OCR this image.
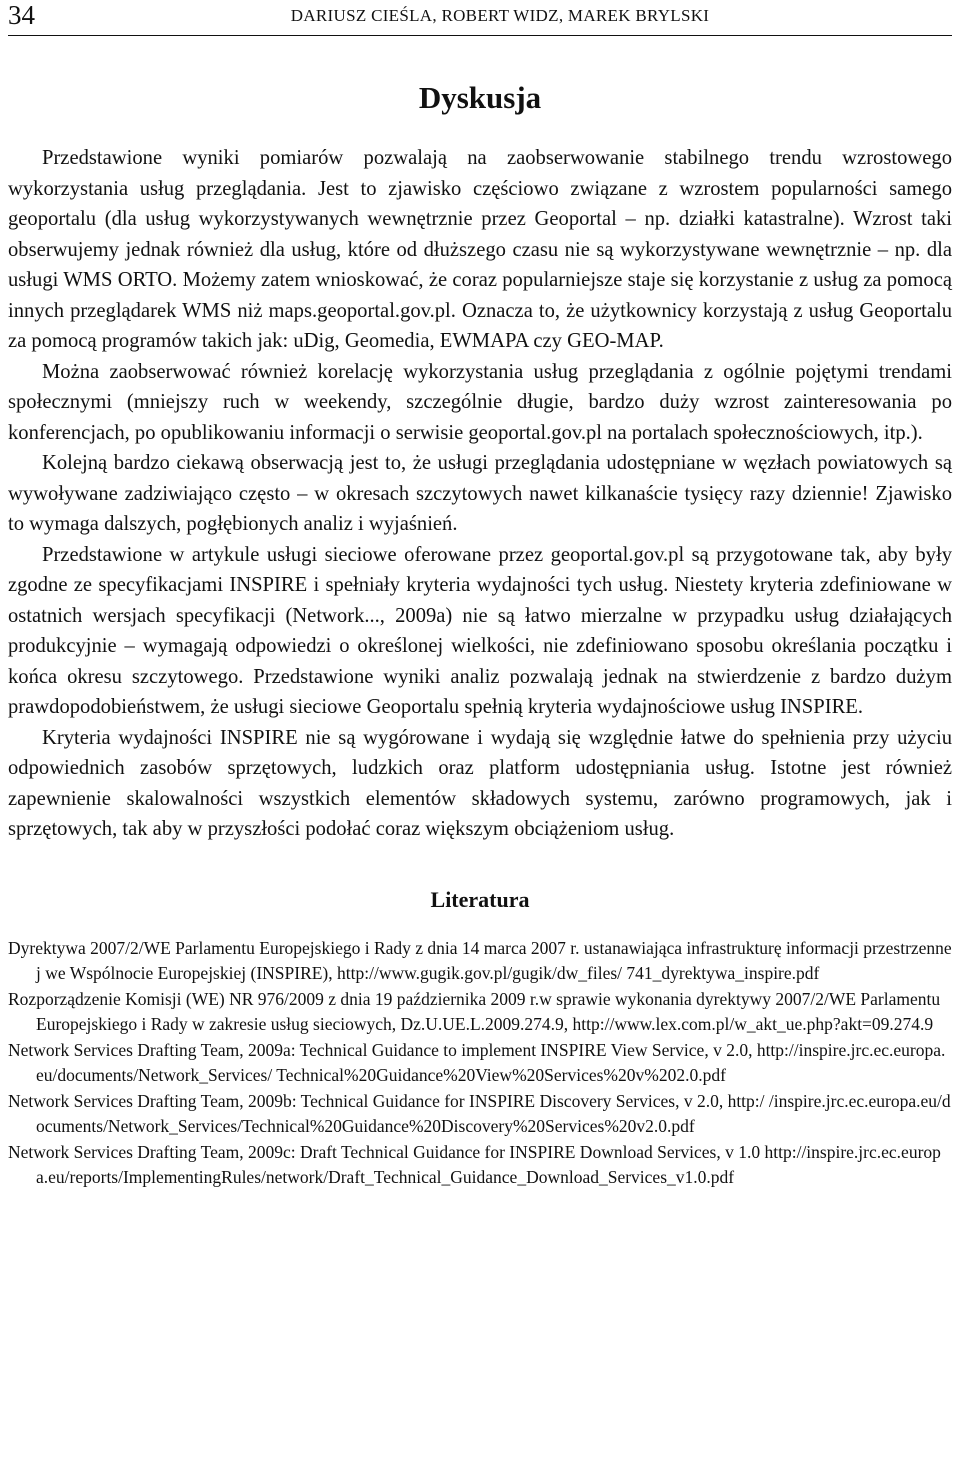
34	DARIUSZ CIEŚLA, ROBERT WIDZ, MAREK BRYLSKI
Dyskusja

Przedstawione wyniki pomiarów pozwalają na zaobserwowanie stabilnego trendu wzrostowego wykorzystania usług przeglądania. Jest to zjawisko częściowo związane z wzrostem popularności samego geoportalu (dla usług wykorzystywanych wewnętrznie przez Geoportal – np. działki katastralne). Wzrost taki obserwujemy jednak również dla usług, które od dłuższego czasu nie są wykorzystywane wewnętrznie – np. dla usługi WMS ORTO. Możemy zatem wnioskować, że coraz popularniejsze staje się korzystanie z usług za pomocą innych przeglądarek WMS niż maps.geoportal.gov.pl. Oznacza to, że użytkownicy korzystają z usług Geoportalu za pomocą programów takich jak: uDig, Geomedia, EWMAPA czy GEO-MAP.

Można zaobserwować również korelację wykorzystania usług przeglądania z ogólnie pojętymi trendami społecznymi (mniejszy ruch w weekendy, szczególnie długie, bardzo duży wzrost zainteresowania po konferencjach, po opublikowaniu informacji o serwisie geoportal.gov.pl na portalach społecznościowych, itp.).

Kolejną bardzo ciekawą obserwacją jest to, że usługi przeglądania udostępniane w węzłach powiatowych są wywoływane zadziwiająco często – w okresach szczytowych nawet kilkanaście tysięcy razy dziennie! Zjawisko to wymaga dalszych, pogłębionych analiz i wyjaśnień.

Przedstawione w artykule usługi sieciowe oferowane przez geoportal.gov.pl są przygotowane tak, aby były zgodne ze specyfikacjami INSPIRE i spełniały kryteria wydajności tych usług. Niestety kryteria zdefiniowane w ostatnich wersjach specyfikacji (Network..., 2009a) nie są łatwo mierzalne w przypadku usług działających produkcyjnie – wymagają odpowiedzi o określonej wielkości, nie zdefiniowano sposobu określania początku i końca okresu szczytowego. Przedstawione wyniki analiz pozwalają jednak na stwierdzenie z bardzo dużym prawdopodobieństwem, że usługi sieciowe Geoportalu spełnią kryteria wydajnościowe usług INSPIRE.

Kryteria wydajności INSPIRE nie są wygórowane i wydają się względnie łatwe do spełnienia przy użyciu odpowiednich zasobów sprzętowych, ludzkich oraz platform udostępniania usług. Istotne jest również zapewnienie skalowalności wszystkich elementów składowych systemu, zarówno programowych, jak i sprzętowych, tak aby w przyszłości podołać coraz większym obciążeniom usług.

Literatura
Dyrektywa 2007/2/WE Parlamentu Europejskiego i Rady z dnia 14 marca 2007 r. ustanawiająca infrastrukturę informacji przestrzennej we Wspólnocie Europejskiej (INSPIRE), http://www.gugik.gov.pl/gugik/dw_files/ 741_dyrektywa_inspire.pdf
Rozporządzenie Komisji (WE) NR 976/2009 z dnia 19 października 2009 r.w sprawie wykonania dyrektywy 2007/2/WE Parlamentu Europejskiego i Rady w zakresie usług sieciowych, Dz.U.UE.L.2009.274.9, http://www.lex.com.pl/w_akt_ue.php?akt=09.274.9
Network Services Drafting Team, 2009a: Technical Guidance to implement INSPIRE View Service, v 2.0, http://inspire.jrc.ec.europa.eu/documents/Network_Services/ Technical%20Guidance%20View%20Services%20v%202.0.pdf
Network Services Drafting Team, 2009b: Technical Guidance for INSPIRE Discovery Services, v 2.0, http:/ /inspire.jrc.ec.europa.eu/documents/Network_Services/Technical%20Guidance%20Discovery%20Services%20v2.0.pdf
Network Services Drafting Team, 2009c: Draft Technical Guidance for INSPIRE Download Services, v 1.0 http://inspire.jrc.ec.europa.eu/reports/ImplementingRules/network/Draft_Technical_Guidance_Download_Services_v1.0.pdf
